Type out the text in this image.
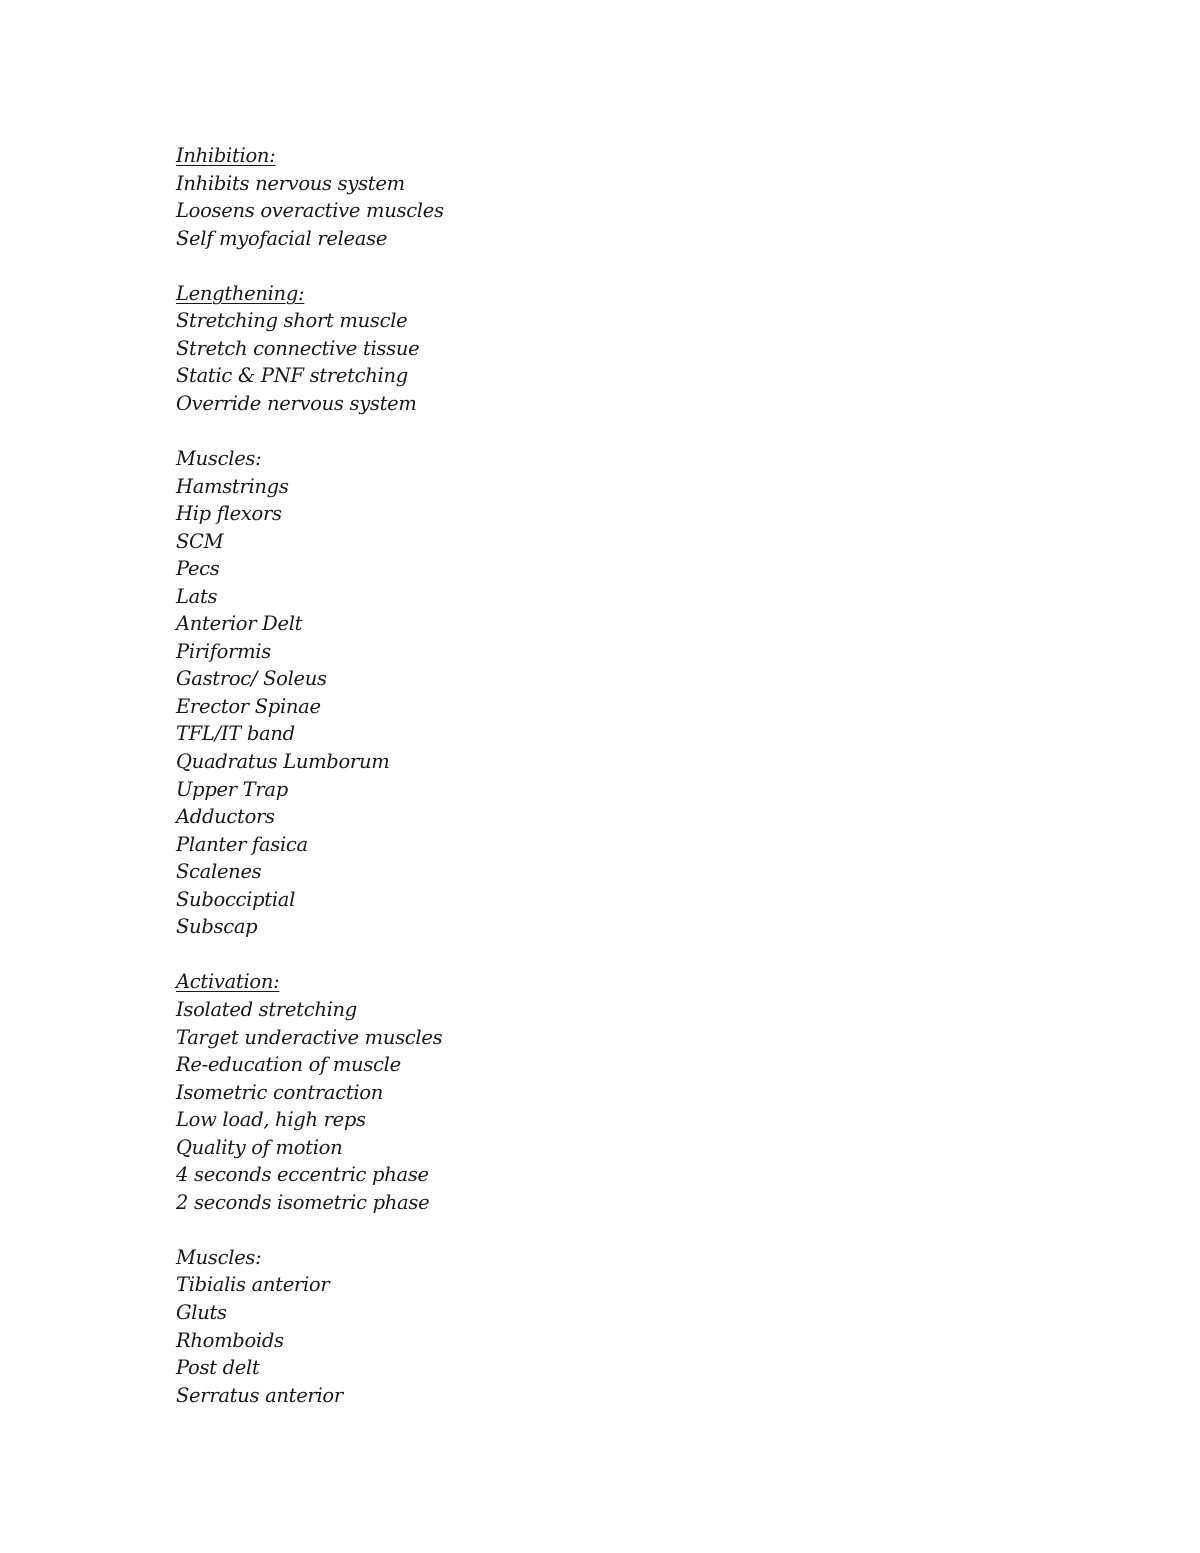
Inhibition:
Inhibits nervous system
Loosens overactive muscles
Self myofacial release
Lengthening:
Stretching short muscle
Stretch connective tissue
Static & PNF stretching
Override nervous system
Muscles:
Hamstrings
Hip flexors
SCM
Pecs
Lats
Anterior Delt
Piriformis
Gastroc/ Soleus
Erector Spinae
TFL/IT band
Quadratus Lumborum
Upper Trap
Adductors
Planter fasica
Scalenes
Subocciptial
Subscap
Activation:
Isolated stretching
Target underactive muscles
Re-education of muscle
Isometric contraction
Low load, high reps
Quality of motion
4 seconds eccentric phase
2 seconds isometric phase
Muscles:
Tibialis anterior
Gluts
Rhomboids
Post delt
Serratus anterior
